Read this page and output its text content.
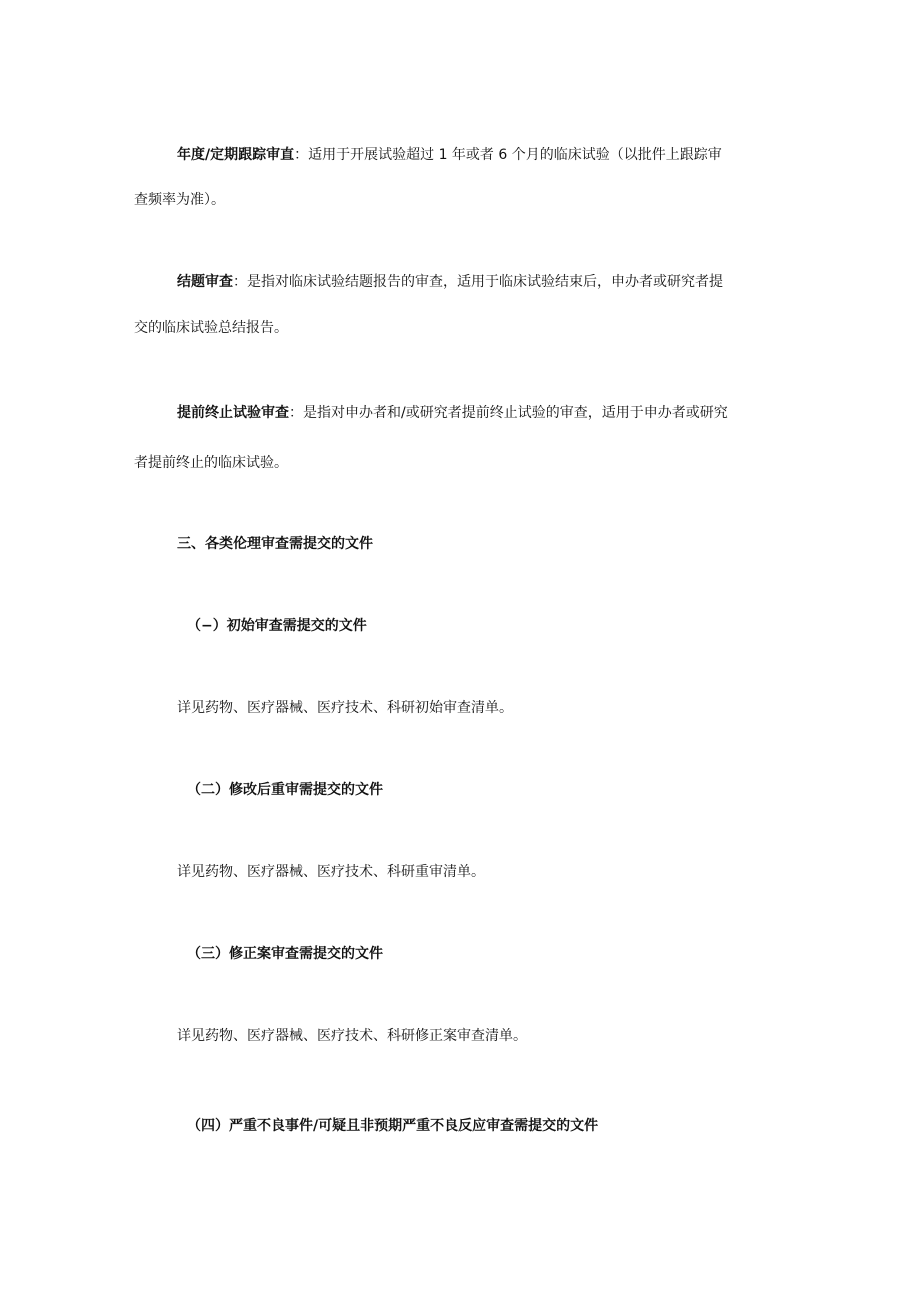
年度/定期跟踪审直：适用于开展试验超过 1 年或者 6 个月的临床试验（以批件上跟踪审
查频率为准）。
结题审查：是指对临床试验结题报告的审查，适用于临床试验结束后，申办者或研究者提
交的临床试验总结报告。
提前终止试验审查：是指对申办者和/或研究者提前终止试验的审查，适用于申办者或研究
者提前终止的临床试验。
三、各类伦理审查需提交的文件
（−）初始审查需提交的文件
详见药物、医疗器械、医疗技术、科研初始审查清单。
（二）修改后重审需提交的文件
详见药物、医疗器械、医疗技术、科研重审清单。
（三）修正案审查需提交的文件
详见药物、医疗器械、医疗技术、科研修正案审查清单。
（四）严重不良事件/可疑且非预期严重不良反应审查需提交的文件
